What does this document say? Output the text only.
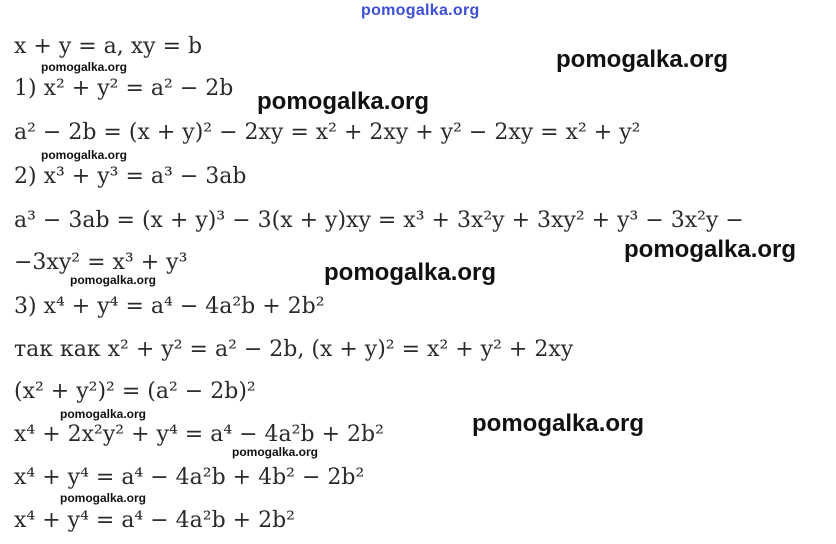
pomogalka.org
x + y = a, xy = b
1) x² + y² = a² − 2b
a² − 2b = (x + y)² − 2xy = x² + 2xy + y² − 2xy = x² + y²
2) x³ + y³ = a³ − 3ab
a³ − 3ab = (x + y)³ − 3(x + y)xy = x³ + 3x²y + 3xy² + y³ − 3x²y −
−3xy² = x³ + y³
3) x⁴ + y⁴ = a⁴ − 4a²b + 2b²
так как x² + y² = a² − 2b, (x + y)² = x² + y² + 2xy
(x² + y²)² = (a² − 2b)²
x⁴ + 2x²y² + y⁴ = a⁴ − 4a²b + 2b²
x⁴ + y⁴ = a⁴ − 4a²b + 4b² − 2b²
x⁴ + y⁴ = a⁴ − 4a²b + 2b²
pomogalka.org
pomogalka.org
pomogalka.org
pomogalka.org
pomogalka.org
pomogalka.org
pomogalka.org
pomogalka.org
pomogalka.org
pomogalka.org
pomogalka.org
